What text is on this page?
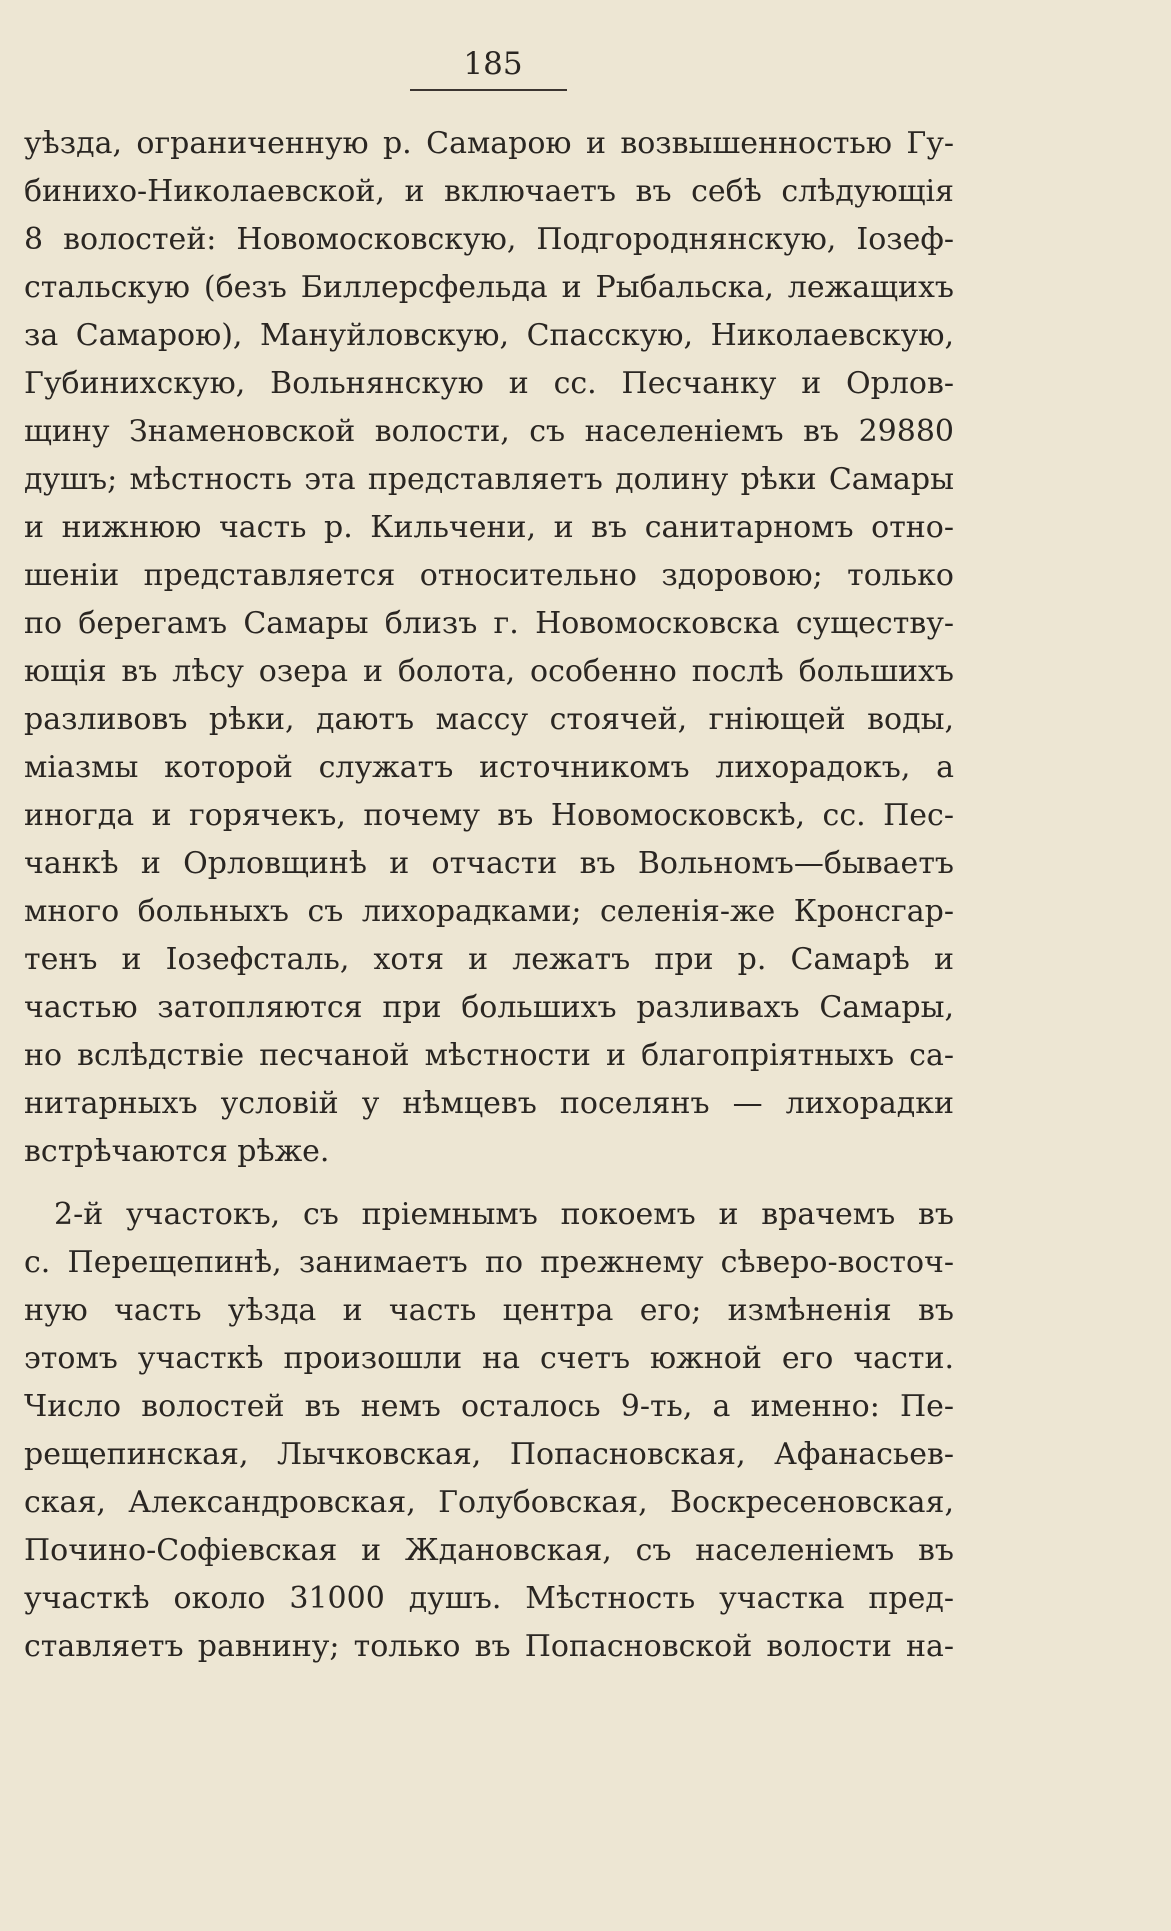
185
уѣзда, ограниченную р. Самарою и возвышенностью Гу-
бинихо-Николаевской, и включаетъ въ себѣ слѣдующія
8 волостей: Новомосковскую, Подгороднянскую, Іозеф-
стальскую (безъ Биллерсфельда и Рыбальска, лежащихъ
за Самарою), Мануйловскую, Спасскую, Николаевскую,
Губинихскую, Вольнянскую и сс. Песчанку и Орлов-
щину Знаменовской волости, съ населеніемъ въ 29880
душъ; мѣстность эта представляетъ долину рѣки Самары
и нижнюю часть р. Кильчени, и въ санитарномъ отно-
шеніи представляется относительно здоровою; только
по берегамъ Самары близъ г. Новомосковска существу-
ющія въ лѣсу озера и болота, особенно послѣ большихъ
разливовъ рѣки, даютъ массу стоячей, гніющей воды,
міазмы которой служатъ источникомъ лихорадокъ, а
иногда и горячекъ, почему въ Новомосковскѣ, сс. Пес-
чанкѣ и Орловщинѣ и отчасти въ Вольномъ—бываетъ
много больныхъ съ лихорадками; селенія-же Кронсгар-
тенъ и Іозефсталь, хотя и лежатъ при р. Самарѣ и
частью затопляются при большихъ разливахъ Самары,
но вслѣдствіе песчаной мѣстности и благопріятныхъ са-
нитарныхъ условій у нѣмцевъ поселянъ — лихорадки
встрѣчаются рѣже.
2-й участокъ, съ пріемнымъ покоемъ и врачемъ въ
с. Перещепинѣ, занимаетъ по прежнему сѣверо-восточ-
ную часть уѣзда и часть центра его; измѣненія въ
этомъ участкѣ произошли на счетъ южной его части.
Число волостей въ немъ осталось 9-ть, а именно: Пе-
рещепинская, Лычковская, Попасновская, Афанасьев-
ская, Александровская, Голубовская, Воскресеновская,
Почино-Софіевская и Ждановская, съ населеніемъ въ
участкѣ около 31000 душъ. Мѣстность участка пред-
ставляетъ равнину; только въ Попасновской волости на-
